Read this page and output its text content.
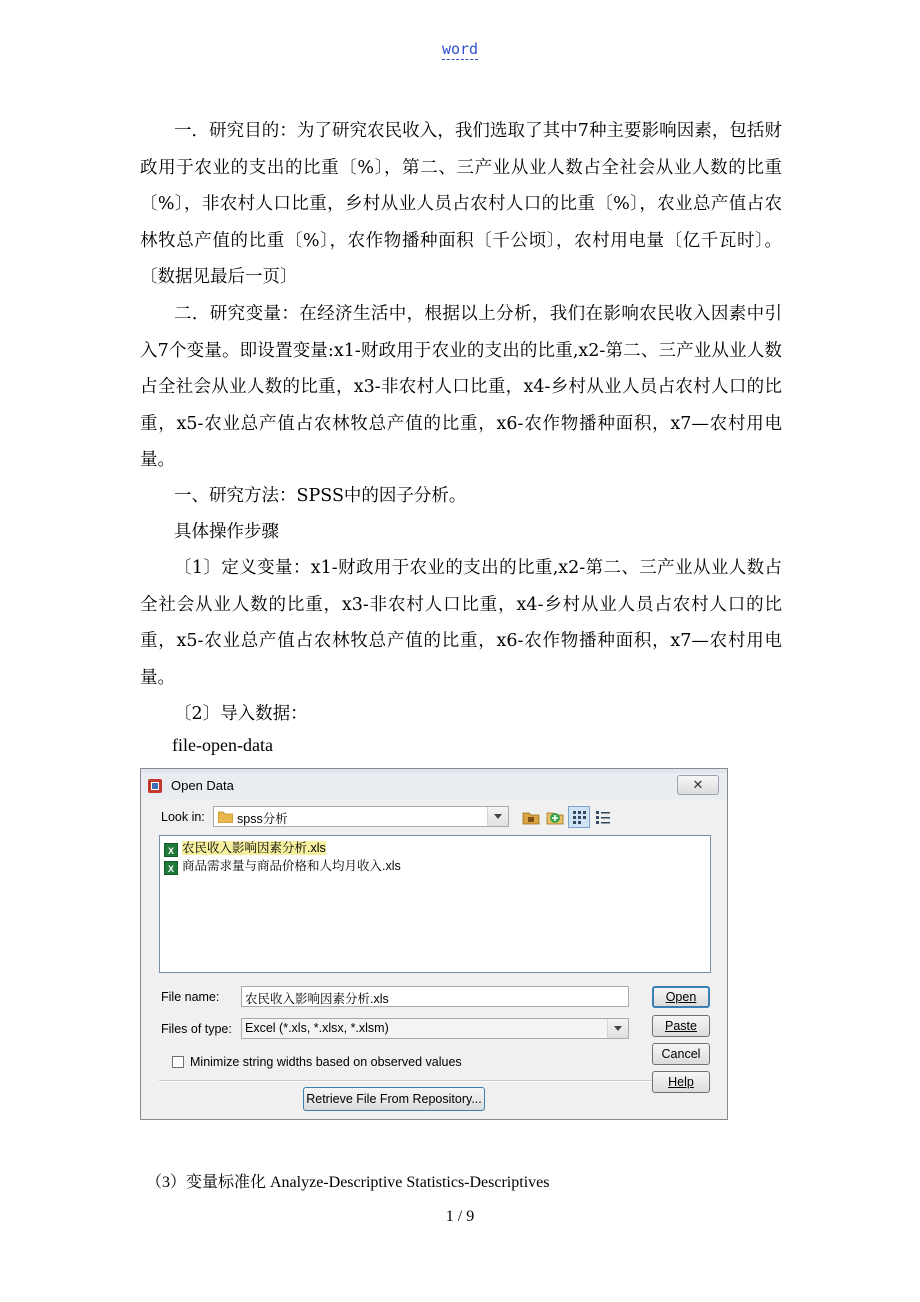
word
一．研究目的：为了研究农民收入，我们选取了其中7种主要影响因素，包括财政用于农业的支出的比重〔%〕，第二、三产业从业人数占全社会从业人数的比重〔%〕，非农村人口比重，乡村从业人员占农村人口的比重〔%〕，农业总产值占农林牧总产值的比重〔%〕，农作物播种面积〔千公顷〕，农村用电量〔亿千瓦时〕。〔数据见最后一页〕
二．研究变量：在经济生活中，根据以上分析，我们在影响农民收入因素中引入7个变量。即设置变量:x1-财政用于农业的支出的比重,x2-第二、三产业从业人数占全社会从业人数的比重，x3-非农村人口比重，x4-乡村从业人员占农村人口的比重，x5-农业总产值占农林牧总产值的比重，x6-农作物播种面积，x7—农村用电量。
一、研究方法：SPSS中的因子分析。
具体操作步骤
〔1〕定义变量：x1-财政用于农业的支出的比重,x2-第二、三产业从业人数占全社会从业人数的比重，x3-非农村人口比重，x4-乡村从业人员占农村人口的比重，x5-农业总产值占农林牧总产值的比重，x6-农作物播种面积，x7—农村用电量。
〔2〕导入数据：
file-open-data
Open Data	✕
Look in:	spss分析
X 农民收入影响因素分析.xls
X 商品需求量与商品价格和人均月收入.xls
File name: 农民收入影响因素分析.xls
Files of type: Excel (*.xls, *.xlsx, *.xlsm)
Minimize string widths based on observed values
Retrieve File From Repository...
Open
Paste
Cancel
Help
（3）变量标准化 Analyze-Descriptive Statistics-Descriptives
1 / 9
